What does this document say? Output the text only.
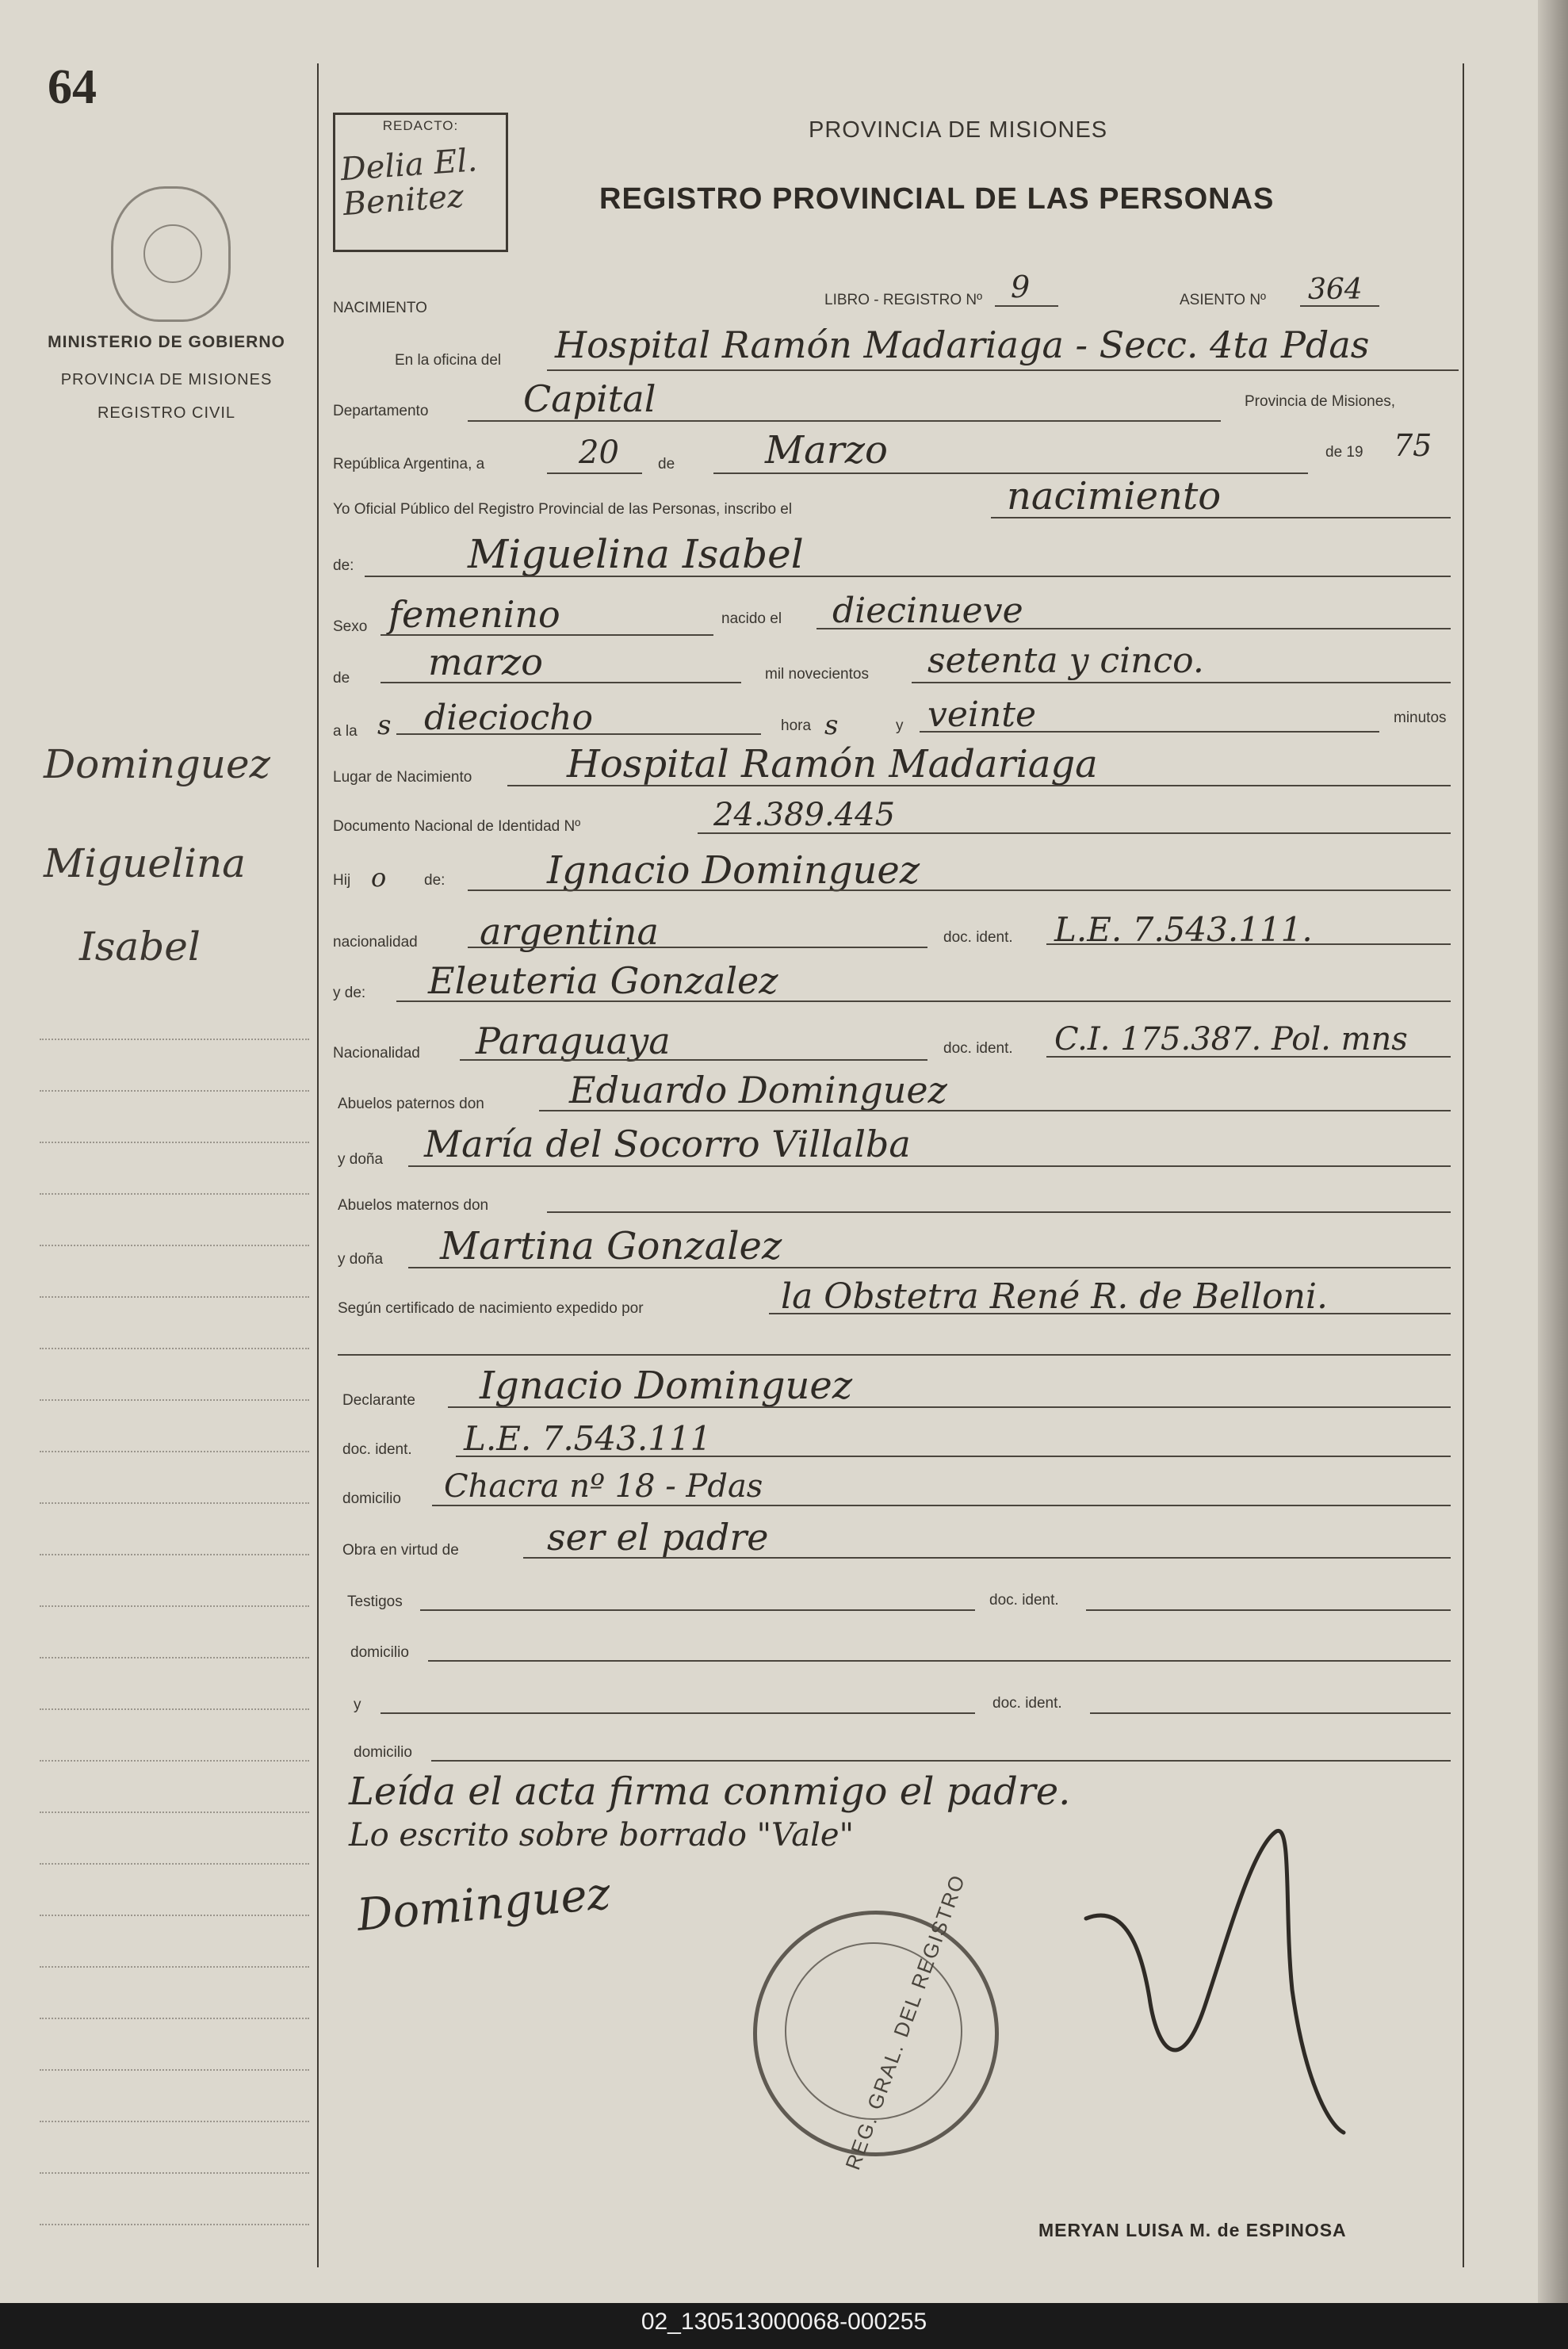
64
MINISTERIO DE GOBIERNO
PROVINCIA DE MISIONES
REGISTRO CIVIL
Dominguez
Miguelina
Isabel
REDACTO:
Delia El. Benitez
PROVINCIA DE MISIONES
REGISTRO PROVINCIAL DE LAS PERSONAS
NACIMIENTO	LIBRO - REGISTRO Nº 9	ASIENTO Nº 364
En la oficina del Hospital Ramón Madariaga - Secc. 4ta Pdas
Departamento	Capital	Provincia de Misiones,
República Argentina, a	20	de Marzo	de 19 75
Yo Oficial Público del Registro Provincial de las Personas, inscribo el	nacimiento
de:	Miguelina Isabel
Sexo femenino	nacido el diecinueve
de marzo	mil novecientos setenta y cinco.
a la s dieciocho	hora s	y veinte	minutos
Lugar de Nacimiento Hospital Ramón Madariaga
Documento Nacional de Identidad Nº	24.389.445
Hij o	de:	Ignacio Dominguez
nacionalidad argentina	doc. ident. L.E. 7.543.111.
y de: Eleuteria Gonzalez
Nacionalidad Paraguaya	doc. ident. C.I. 175.387. Pol. mns
Abuelos paternos don Eduardo Dominguez
y doña María del Socorro Villalba
Abuelos maternos don
y doña Martina Gonzalez
Según certificado de nacimiento expedido por	la Obstetra René R. de Belloni.
Declarante Ignacio Dominguez
doc. ident. L.E. 7.543.111
domicilio Chacra nº 18 - Pdas
Obra en virtud de ser el padre
Testigos	doc. ident.
domicilio
y	doc. ident.
domicilio
Leída el acta firma conmigo el padre.
Lo escrito sobre borrado "Vale"
Dominguez	REG. GRAL. DEL REGISTRO
MERYAN LUISA M. de ESPINOSA
02_130513000068-000255
